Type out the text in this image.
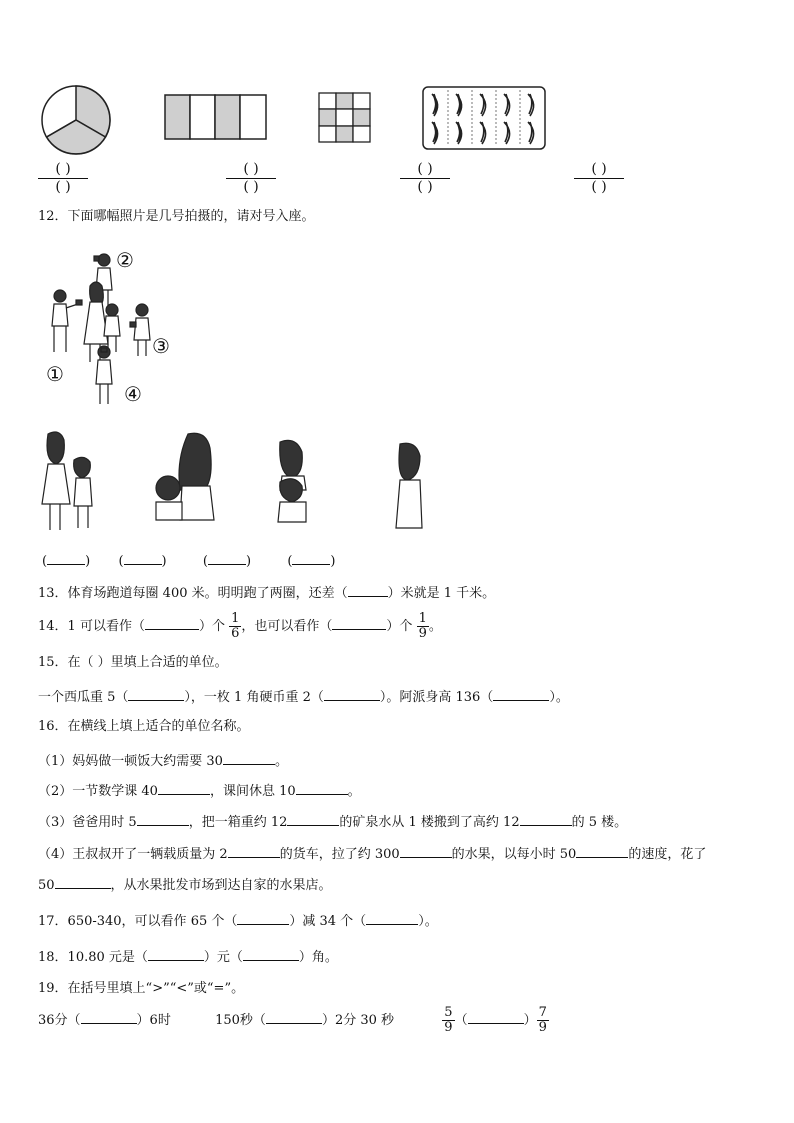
( )
( )
( )
( )
( )
( )
( )
( )
12．下面哪幅照片是几号拍摄的，请对号入座。
①
②
③
④
(	) (	)	(	)	(	)
13．体育场跑道每圈 400 米。明明跑了两圈，还差（	）米就是 1 千米。
14．1 可以看作（	）个 $\frac{1}{6}$ ，也可以看作（	）个 $\frac{1}{9}$ 。
15．在（ ）里填上合适的单位。
一个西瓜重 5（	），一枚 1 角硬币重 2（	）。阿派身高 136（	）。
16．在横线上填上适合的单位名称。
（1）妈妈做一顿饭大约需要 30	。
（2）一节数学课 40	，课间休息 10	。
（3）爸爸用时 5	，把一箱重约 12	的矿泉水从 1 楼搬到了高约 12	的 5 楼。
（4）王叔叔开了一辆载质量为 2	的货车，拉了约 300	的水果，以每小时 50	的速度，花了
50	，从水果批发市场到达自家的水果店。
17．650-340，可以看作 65 个（	）减 34 个（	）。
18．10.80 元是（	）元（	）角。
19．在括号里填上“>”“<”或“=”。
36分（	）6时	150秒（	）2分 30 秒	$\frac{5}{9}$ （	） $\frac{7}{9}$
